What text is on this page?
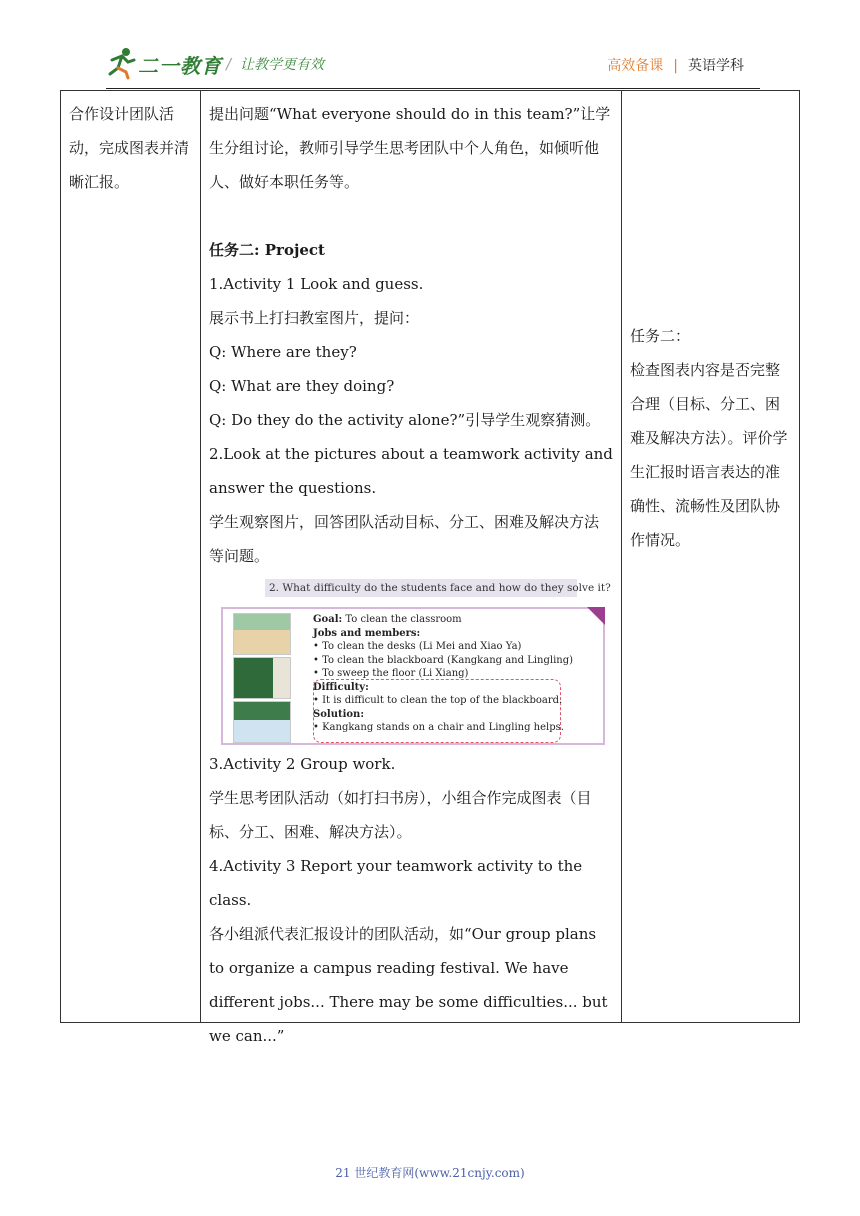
二一教育 / 让教学更有效	高效备课 | 英语学科

合作设计团队活动，完成图表并清晰汇报。

提出问题“What everyone should do in this team?”让学生分组讨论，教师引导学生思考团队中个人角色，如倾听他人、做好本职任务等。

任务二: Project

1.Activity 1 Look and guess.

展示书上打扫教室图片，提问：

Q: Where are they?

Q: What are they doing?

Q: Do they do the activity alone?”引导学生观察猜测。

2.Look at the pictures about a teamwork activity and answer the questions.

学生观察图片，回答团队活动目标、分工、困难及解决方法等问题。

2. What difficulty do the students face and how do they solve it?
Goal: To clean the classroom
Jobs and members:
• To clean the desks (Li Mei and Xiao Ya)
• To clean the blackboard (Kangkang and Lingling)
• To sweep the floor (Li Xiang)
Difficulty:
• It is difficult to clean the top of the blackboard.
Solution:
• Kangkang stands on a chair and Lingling helps.

3.Activity 2 Group work.

学生思考团队活动（如打扫书房），小组合作完成图表（目标、分工、困难、解决方法）。

4.Activity 3 Report your teamwork activity to the class.

各小组派代表汇报设计的团队活动，如“Our group plans to organize a campus reading festival. We have different jobs... There may be some difficulties... but we can...”

任务二：

检查图表内容是否完整合理（目标、分工、困难及解决方法）。评价学生汇报时语言表达的准确性、流畅性及团队协作情况。

21 世纪教育网(www.21cnjy.com)
